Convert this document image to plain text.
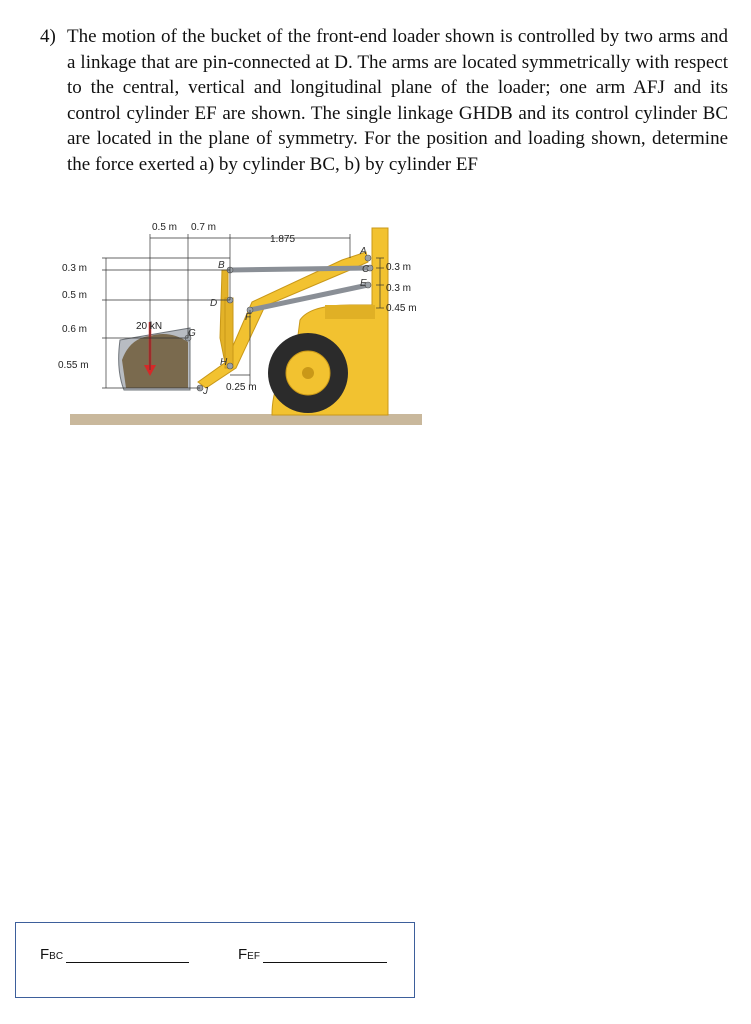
4) The motion of the bucket of the front-end loader shown is controlled by two arms and a linkage that are pin-connected at D. The arms are located symmetrically with respect to the central, vertical and longitudinal plane of the loader; one arm AFJ and its control cylinder EF are shown. The single linkage GHDB and its control cylinder BC are located in the plane of symmetry. For the position and loading shown, determine the force exerted a) by cylinder BC, b) by cylinder EF
A
B	C
D
E
F
G
H
J
0.5 m 0.7 m
1.875
0.3 m
0.5 m
0.6 m
0.55 m
0.3 m
0.3 m
0.45 m
0.25 m
20 kN
FBC	FEF
